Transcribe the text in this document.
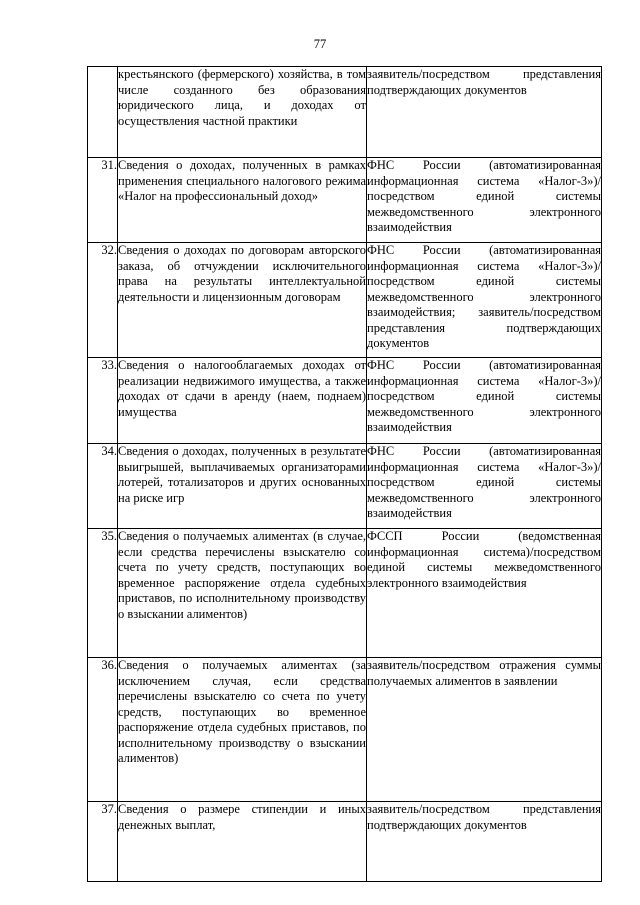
77

	крестьянского (фермерского) хозяйства, в том числе созданного без образования юридического лица, и доходах от осуществления частной практики	заявитель/посредством представления подтверждающих документов

31.	Сведения о доходах, полученных в рамках применения специального налогового режима «Налог на профессиональный доход»	ФНС России (автоматизированная информационная система «Налог-3»)/посредством единой системы межведомственного электронного взаимодействия

32.	Сведения о доходах по договорам авторского заказа, об отчуждении исключительного права на результаты интеллектуальной деятельности и лицензионным договорам	ФНС России (автоматизированная информационная система «Налог-3»)/посредством единой системы межведомственного электронного взаимодействия; заявитель/посредством представления подтверждающих документов

33.	Сведения о налогооблагаемых доходах от реализации недвижимого имущества, а также доходах от сдачи в аренду (наем, поднаем) имущества	ФНС России (автоматизированная информационная система «Налог-3»)/посредством единой системы межведомственного электронного взаимодействия

34.	Сведения о доходах, полученных в результате выигрышей, выплачиваемых организаторами лотерей, тотализаторов и других основанных на риске игр	ФНС России (автоматизированная информационная система «Налог-3»)/посредством единой системы межведомственного электронного взаимодействия

35.	Сведения о получаемых алиментах (в случае, если средства перечислены взыскателю со счета по учету средств, поступающих во временное распоряжение отдела судебных приставов, по исполнительному производству о взыскании алиментов)	ФССП России (ведомственная информационная система)/посредством единой системы межведомственного электронного взаимодействия

36.	Сведения о получаемых алиментах (за исключением случая, если средства перечислены взыскателю со счета по учету средств, поступающих во временное распоряжение отдела судебных приставов, по исполнительному производству о взыскании алиментов)	заявитель/посредством отражения суммы получаемых алиментов в заявлении

37.	Сведения о размере стипендии и иных денежных выплат,	заявитель/посредством представления подтверждающих документов
